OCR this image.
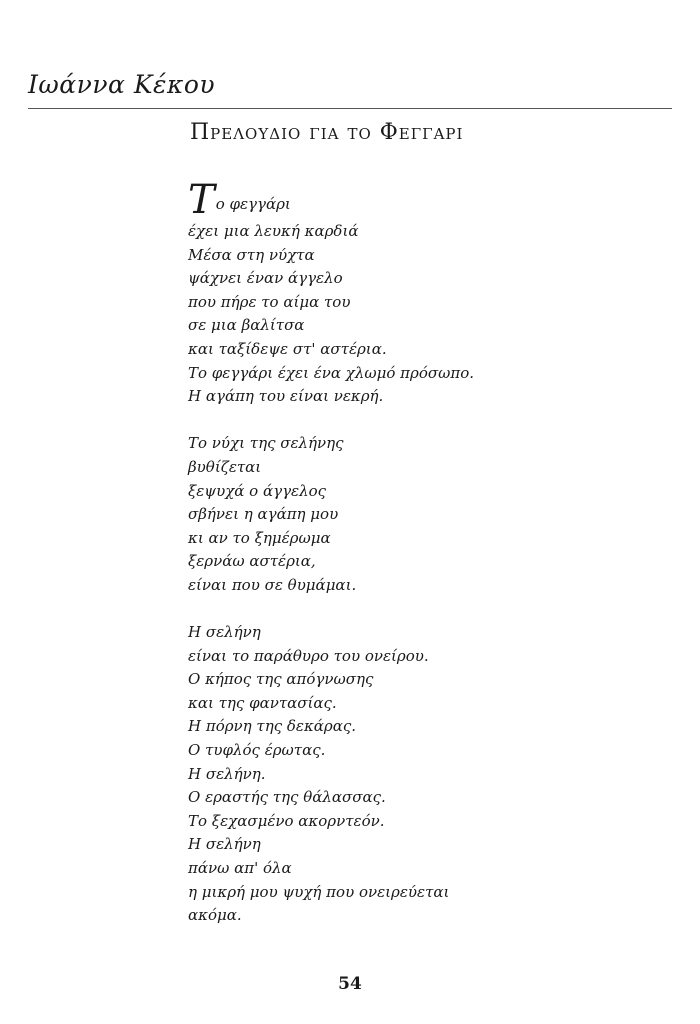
Ιωάννα Κέκου
Πρελουδιο για το Φεγγαρι
Το φεγγάρι
έχει μια λευκή καρδιά
Μέσα στη νύχτα
ψάχνει έναν άγγελο
που πήρε το αίμα του
σε μια βαλίτσα
και ταξίδεψε στ' αστέρια.
Το φεγγάρι έχει ένα χλωμό πρόσωπο.
Η αγάπη του είναι νεκρή.
Το νύχι της σελήνης
βυθίζεται
ξεψυχά ο άγγελος
σβήνει η αγάπη μου
κι αν το ξημέρωμα
ξερνάω αστέρια,
είναι που σε θυμάμαι.
Η σελήνη
είναι το παράθυρο του ονείρου.
Ο κήπος της απόγνωσης
και της φαντασίας.
Η πόρνη της δεκάρας.
Ο τυφλός έρωτας.
Η σελήνη.
Ο εραστής της θάλασσας.
Το ξεχασμένο ακορντεόν.
Η σελήνη
πάνω απ' όλα
η μικρή μου ψυχή που ονειρεύεται
ακόμα.
54
